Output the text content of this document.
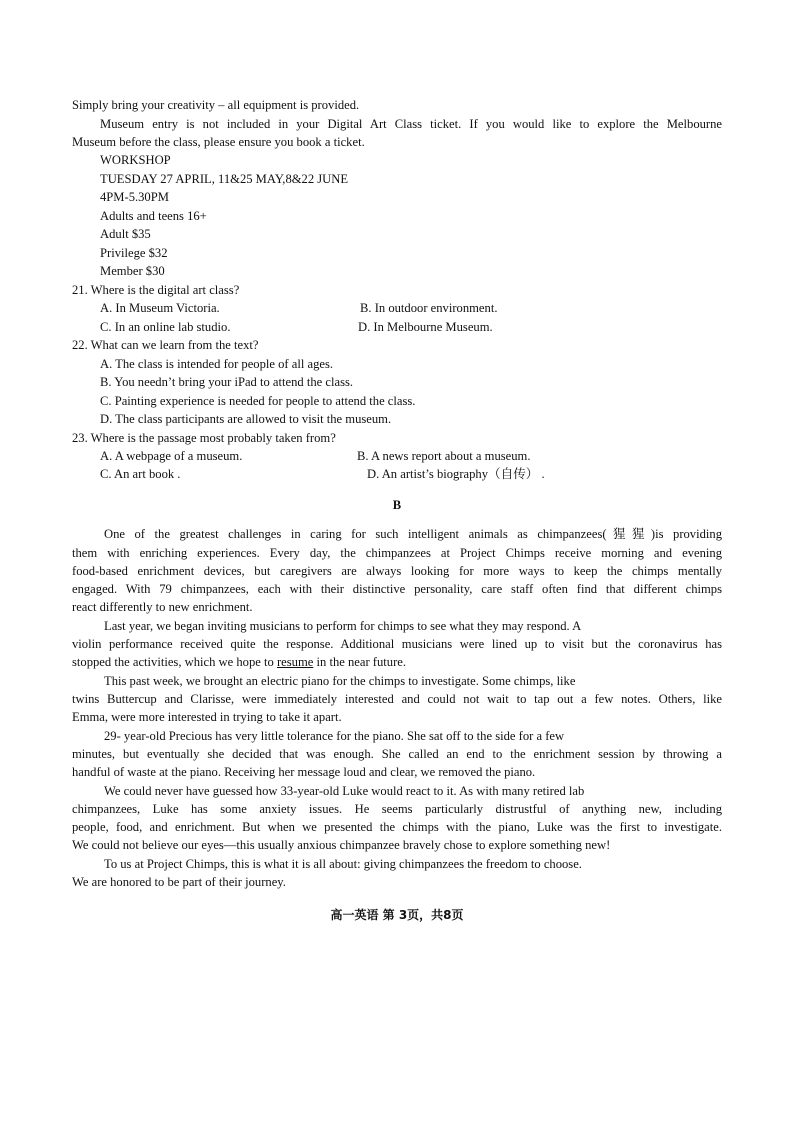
Simply bring your creativity – all equipment is provided.
Museum entry is not included in your Digital Art Class ticket. If you would like to explore the Melbourne
Museum before the class, please ensure you book a ticket.
WORKSHOP
TUESDAY 27 APRIL, 11&25 MAY,8&22 JUNE
4PM-5.30PM
Adults and teens 16+
Adult $35
Privilege $32
Member $30
21. Where is the digital art class?
A. In Museum Victoria.	B. In outdoor environment.
C. In an online lab studio.	D. In Melbourne Museum.
22. What can we learn from the text?
A. The class is intended for people of all ages.
B. You needn’t bring your iPad to attend the class.
C. Painting experience is needed for people to attend the class.
D. The class participants are allowed to visit the museum.
23. Where is the passage most probably taken from?
A. A webpage of a museum.	B. A news report about a museum.
C. An art book .	D. An artist’s biography（自传） .
B
One of the greatest challenges in caring for such intelligent animals as chimpanzees(猩猩)is providing
them with enriching experiences. Every day, the chimpanzees at Project Chimps receive morning and evening
food-based enrichment devices, but caregivers are always looking for more ways to keep the chimps mentally
engaged. With 79 chimpanzees, each with their distinctive personality, care staff often find that different chimps
react differently to new enrichment.
Last year, we began inviting musicians to perform for chimps to see what they may respond. A
violin performance received quite the response. Additional musicians were lined up to visit but the coronavirus has
stopped the activities, which we hope to resume in the near future.
This past week, we brought an electric piano for the chimps to investigate. Some chimps, like
twins Buttercup and Clarisse, were immediately interested and could not wait to tap out a few notes. Others, like
Emma, were more interested in trying to take it apart.
29- year-old Precious has very little tolerance for the piano. She sat off to the side for a few
minutes, but eventually she decided that was enough. She called an end to the enrichment session by throwing a
handful of waste at the piano. Receiving her message loud and clear, we removed the piano.
We could never have guessed how 33-year-old Luke would react to it. As with many retired lab
chimpanzees, Luke has some anxiety issues. He seems particularly distrustful of anything new, including
people, food, and enrichment. But when we presented the chimps with the piano, Luke was the first to investigate.
We could not believe our eyes—this usually anxious chimpanzee bravely chose to explore something new!
To us at Project Chimps, this is what it is all about: giving chimpanzees the freedom to choose.
We are honored to be part of their journey.
高一英语 第 3页，共8页
